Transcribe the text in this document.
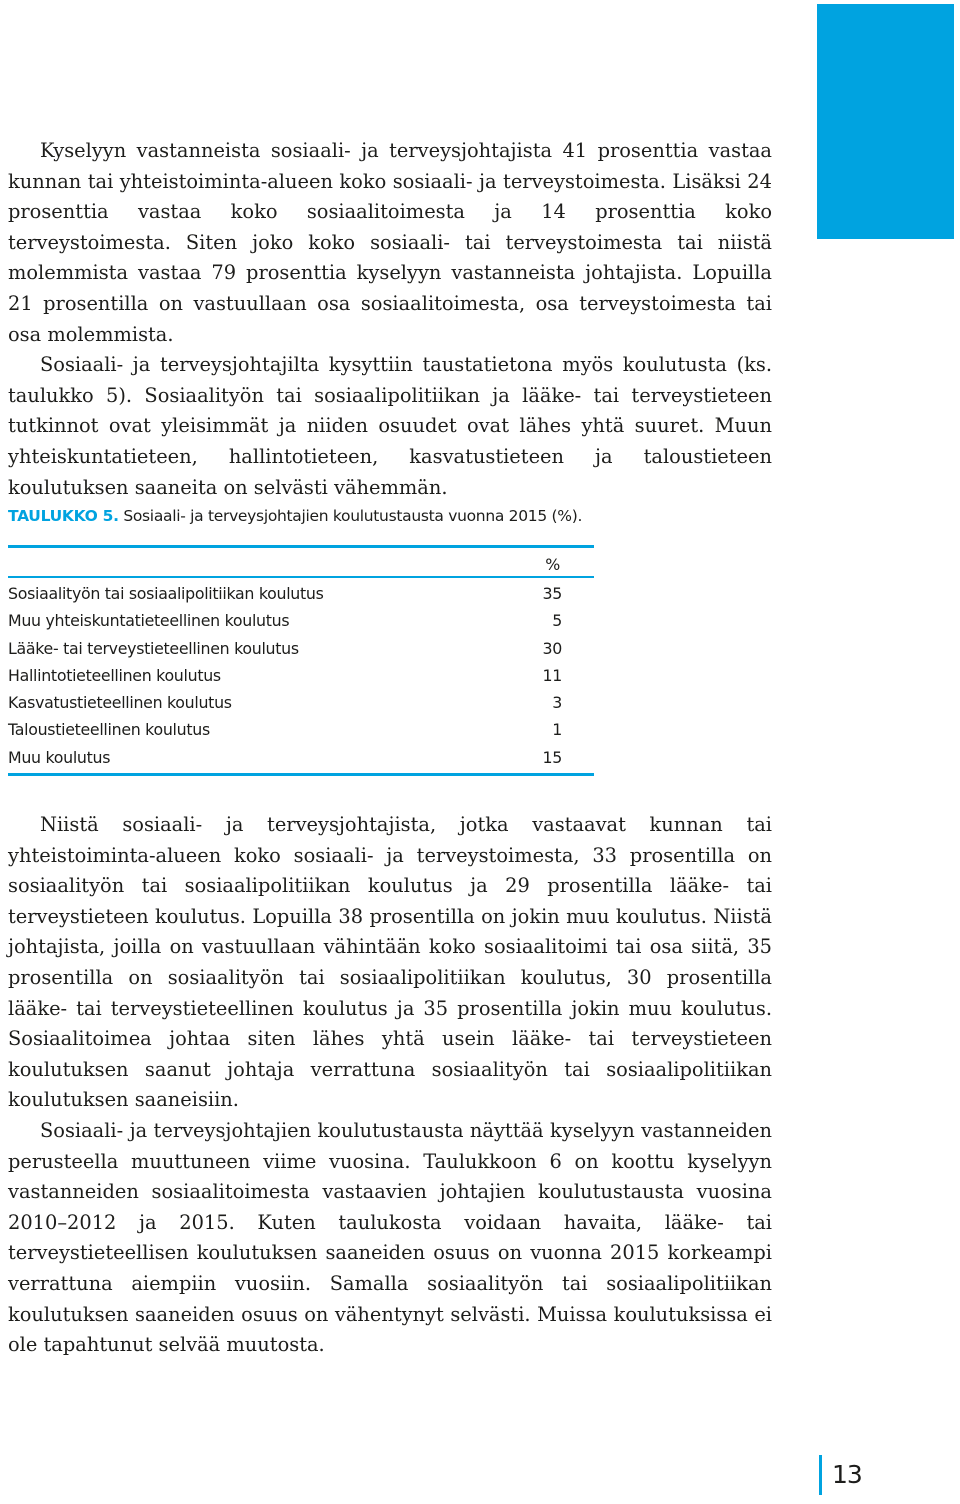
Kyselyyn vastanneista sosiaali- ja terveysjohtajista 41 prosenttia vastaa kunnan tai yhteistoiminta-alueen koko sosiaali- ja terveystoimesta. Lisäksi 24 prosenttia vastaa koko sosiaalitoimesta ja 14 prosenttia koko terveystoimesta. Siten joko koko sosiaali- tai terveystoimesta tai niistä molemmista vastaa 79 prosenttia kyselyyn vastanneista johtajista. Lopuilla 21 prosentilla on vastuullaan osa sosiaalitoimesta, osa terveystoimesta tai osa molemmista.

Sosiaali- ja terveysjohtajilta kysyttiin taustatietona myös koulutusta (ks. taulukko 5). Sosiaalityön tai sosiaalipolitiikan ja lääke- tai terveystieteen tutkinnot ovat yleisimmät ja niiden osuudet ovat lähes yhtä suuret. Muun yhteiskuntatieteen, hallintotieteen, kasvatustieteen ja taloustieteen koulutuksen saaneita on selvästi vähemmän.

TAULUKKO 5. Sosiaali- ja terveysjohtajien koulutustausta vuonna 2015 (%).
%
Sosiaalityön tai sosiaalipolitiikan koulutus	35
Muu yhteiskuntatieteellinen koulutus	5
Lääke- tai terveystieteellinen koulutus	30
Hallintotieteellinen koulutus	11
Kasvatustieteellinen koulutus	3
Taloustieteellinen koulutus	1
Muu koulutus	15

Niistä sosiaali- ja terveysjohtajista, jotka vastaavat kunnan tai yhteistoiminta-alueen koko sosiaali- ja terveystoimesta, 33 prosentilla on sosiaalityön tai sosiaalipolitiikan koulutus ja 29 prosentilla lääke- tai terveystieteen koulutus. Lopuilla 38 prosentilla on jokin muu koulutus. Niistä johtajista, joilla on vastuullaan vähintään koko sosiaalitoimi tai osa siitä, 35 prosentilla on sosiaalityön tai sosiaalipolitiikan koulutus, 30 prosentilla lääke- tai terveystieteellinen koulutus ja 35 prosentilla jokin muu koulutus. Sosiaalitoimea johtaa siten lähes yhtä usein lääke- tai terveystieteen koulutuksen saanut johtaja verrattuna sosiaalityön tai sosiaalipolitiikan koulutuksen saaneisiin.

Sosiaali- ja terveysjohtajien koulutustausta näyttää kyselyyn vastanneiden perusteella muuttuneen viime vuosina. Taulukkoon 6 on koottu kyselyyn vastanneiden sosiaalitoimesta vastaavien johtajien koulutustausta vuosina 2010–2012 ja 2015. Kuten taulukosta voidaan havaita, lääke- tai terveystieteellisen koulutuksen saaneiden osuus on vuonna 2015 korkeampi verrattuna aiempiin vuosiin. Samalla sosiaalityön tai sosiaalipolitiikan koulutuksen saaneiden osuus on vähentynyt selvästi. Muissa koulutuksissa ei ole tapahtunut selvää muutosta.

13
